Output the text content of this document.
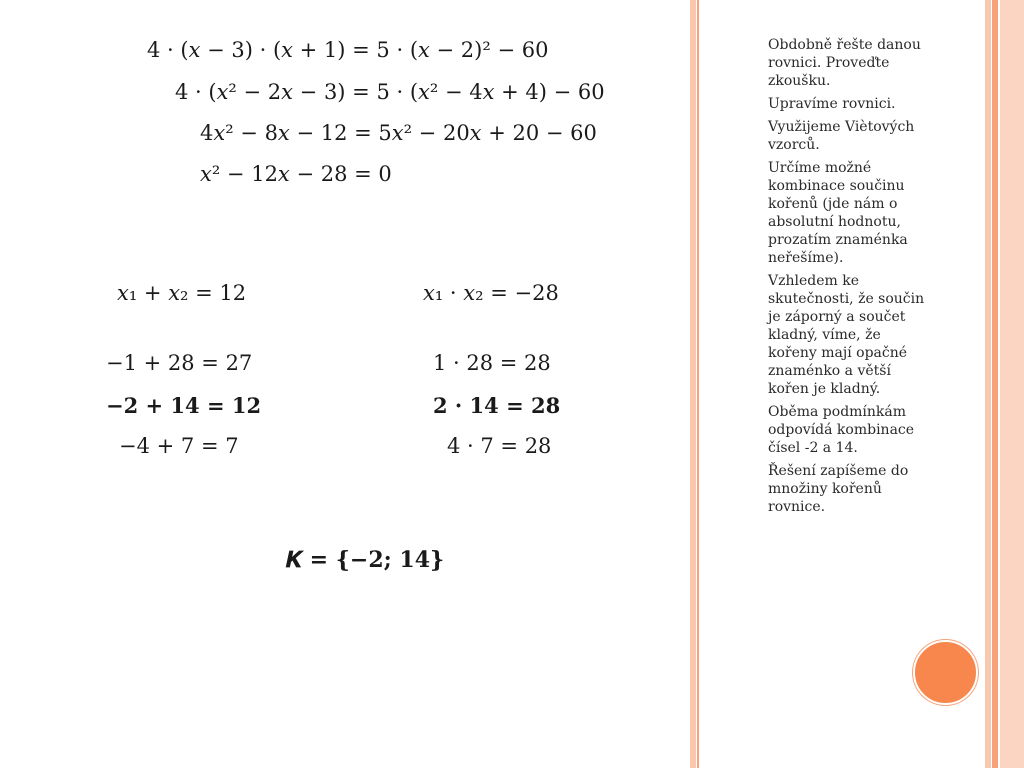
4 · (𝑥 − 3) · (𝑥 + 1) = 5 · (𝑥 − 2)² − 60
4 · (𝑥² − 2𝑥 − 3) = 5 · (𝑥² − 4𝑥 + 4) − 60
4𝑥² − 8𝑥 − 12 = 5𝑥² − 20𝑥 + 20 − 60
𝑥² − 12𝑥 − 28 = 0
𝑥₁ + 𝑥₂ = 12	𝑥₁ · 𝑥₂ = −28
−1 + 28 = 27
−2 + 14 = 12
−4 + 7 = 7
1 · 28 = 28
2 · 14 = 28
4 · 7 = 28
𝑲 = {−𝟐; 𝟏𝟒}

Obdobně řešte danou rovnici. Proveďte zkoušku.

Upravíme rovnici.

Využijeme Viètových vzorců.

Určíme možné kombinace součinu kořenů (jde nám o absolutní hodnotu, prozatím znaménka neřešíme).

Vzhledem ke skutečnosti, že součin je záporný a součet kladný, víme, že kořeny mají opačné znaménko a větší kořen je kladný.

Oběma podmínkám odpovídá kombinace čísel -2 a 14.

Řešení zapíšeme do množiny kořenů rovnice.
